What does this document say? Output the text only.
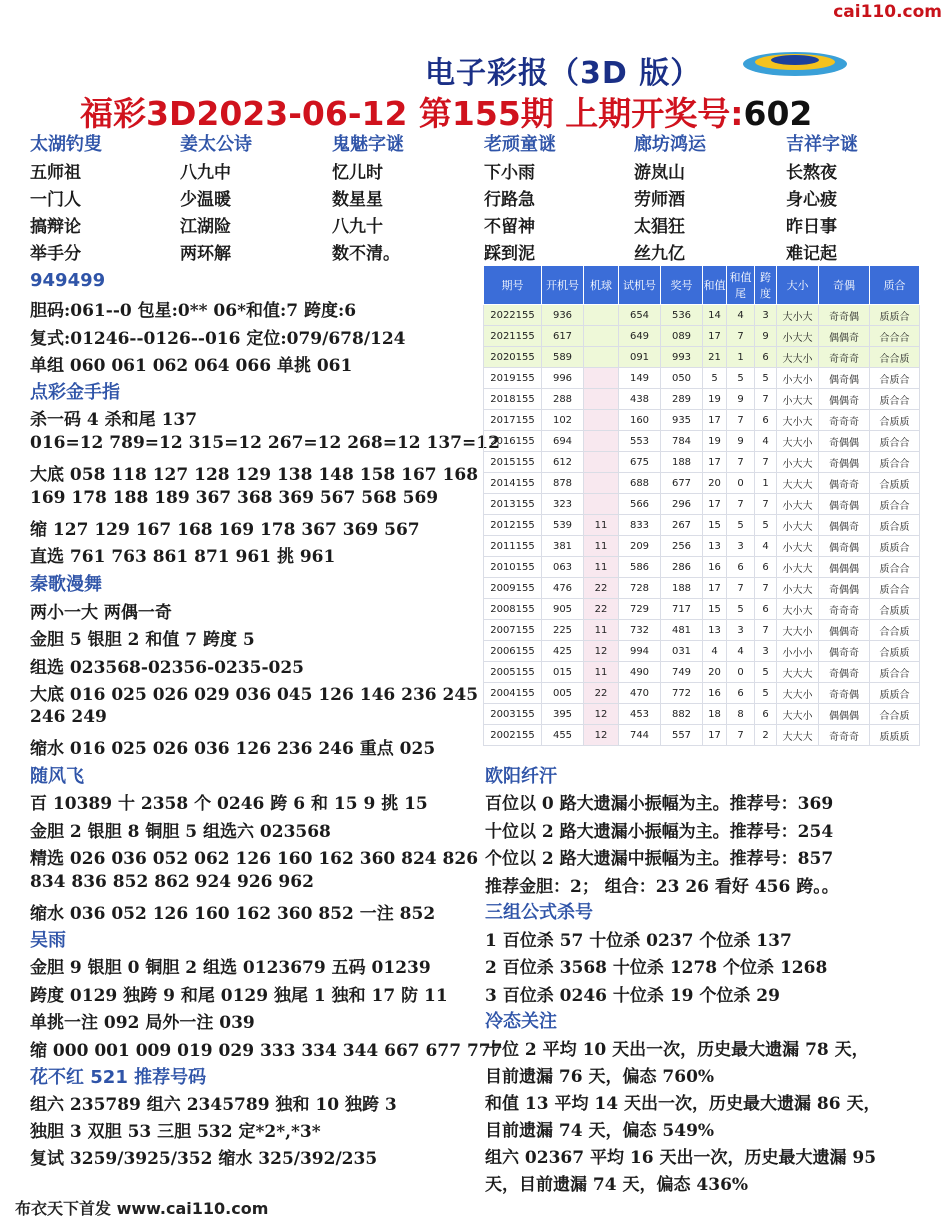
cai110.com
电子彩报（3D 版）
福彩3D2023-06-12 第155期 上期开奖号:602
太湖钓叟	姜太公诗	鬼魅字谜	老顽童谜	廊坊鸿运	吉祥字谜
五师祖	八九中	忆儿时	下小雨	游岚山	长熬夜
一门人	少温暖	数星星	行路急	劳师酒	身心疲
搞辩论	江湖险	八九十	不留神	太猖狂	昨日事
举手分	两环解	数不清。	踩到泥	丝九亿	难记起
949499
胆码:061--0 包星:0** 06*和值:7 跨度:6
复式:01246--0126--016 定位:079/678/124
单组 060 061 062 064 066 单挑 061
点彩金手指
杀一码 4 杀和尾 137
016=12 789=12 315=12 267=12 268=12 137=12
大底 058 118 127 128 129 138 148 158 167 168
169 178 188 189 367 368 369 567 568 569
缩 127 129 167 168 169 178 367 369 567
直选 761 763 861 871 961 挑 961
秦歌漫舞
两小一大 两偶一奇
金胆 5 银胆 2 和值 7 跨度 5
组选 023568-02356-0235-025
大底 016 025 026 029 036 045 126 146 236 245
246 249
缩水 016 025 026 036 126 236 246 重点 025
随风飞
百 10389 十 2358 个 0246 跨 6 和 15 9 挑 15
金胆 2 银胆 8 铜胆 5 组选六 023568
精选 026 036 052 062 126 160 162 360 824 826
834 836 852 862 924 926 962
缩水 036 052 126 160 162 360 852 一注 852
吴雨
金胆 9 银胆 0 铜胆 2 组选 0123679 五码 01239
跨度 0129 独跨 9 和尾 0129 独尾 1 独和 17 防 11
单挑一注 092 局外一注 039
缩 000 001 009 019 029 333 334 344 667 677 777
花不红 521 推荐号码
组六 235789 组六 2345789 独和 10 独跨 3
独胆 3 双胆 53 三胆 532 定*2*,*3*
复试 3259/3925/352 缩水 325/392/235
期号	开机号	机球	试机号	奖号	和值	和值尾	跨度	大小	奇偶	质合
2022155	936		654	536	14	4	3	大小大	奇奇偶	质质合
2021155	617		649	089	17	7	9	小大大	偶偶奇	合合合
2020155	589		091	993	21	1	6	大大小	奇奇奇	合合质
2019155	996		149	050	5	5	5	小大小	偶奇偶	合质合
2018155	288		438	289	19	9	7	小大大	偶偶奇	质合合
2017155	102		160	935	17	7	6	大小大	奇奇奇	合质质
2016155	694		553	784	19	9	4	大大小	奇偶偶	质合合
2015155	612		675	188	17	7	7	小大大	奇偶偶	质合合
2014155	878		688	677	20	0	1	大大大	偶奇奇	合质质
2013155	323		566	296	17	7	7	小大大	偶奇偶	质合合
2012155	539	11	833	267	15	5	5	小大大	偶偶奇	质合质
2011155	381	11	209	256	13	3	4	小大大	偶奇偶	质质合
2010155	063	11	586	286	16	6	6	小大大	偶偶偶	质合合
2009155	476	22	728	188	17	7	7	小大大	奇偶偶	质合合
2008155	905	22	729	717	15	5	6	大小大	奇奇奇	合质质
2007155	225	11	732	481	13	3	7	大大小	偶偶奇	合合质
2006155	425	12	994	031	4	4	3	小小小	偶奇奇	合质质
2005155	015	11	490	749	20	0	5	大大大	奇偶奇	质合合
2004155	005	22	470	772	16	6	5	大大小	奇奇偶	质质合
2003155	395	12	453	882	18	8	6	大大小	偶偶偶	合合质
2002155	455	12	744	557	17	7	2	大大大	奇奇奇	质质质
欧阳纤汗
百位以 0 路大遗漏小振幅为主。推荐号：369
十位以 2 路大遗漏小振幅为主。推荐号：254
个位以 2 路大遗漏中振幅为主。推荐号：857
推荐金胆：2； 组合：23 26 看好 456 跨。。
三组公式杀号
1 百位杀 57 十位杀 0237 个位杀 137
2 百位杀 3568 十位杀 1278 个位杀 1268
3 百位杀 0246 十位杀 19 个位杀 29
冷态关注
十位 2 平均 10 天出一次，历史最大遗漏 78 天，
目前遗漏 76 天，偏态 760%
和值 13 平均 14 天出一次，历史最大遗漏 86 天，
目前遗漏 74 天，偏态 549%
组六 02367 平均 16 天出一次，历史最大遗漏 95
天，目前遗漏 74 天，偏态 436%
布衣天下首发 www.cai110.com
